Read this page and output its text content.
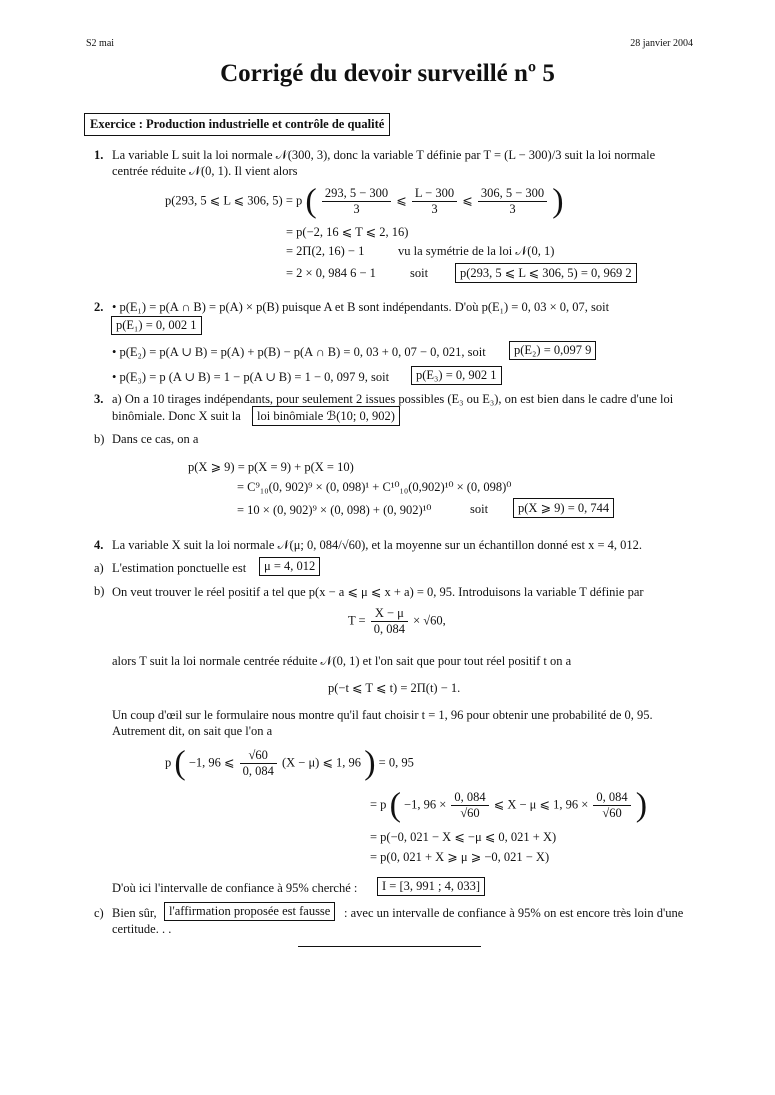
S2 mai	28 janvier 2004
Corrigé du devoir surveillé nº 5
Exercice : Production industrielle et contrôle de qualité
1. La variable L suit la loi normale 𝒩(300, 3), donc la variable T définie par T = (L − 300)/3 suit la loi normale
centrée réduite 𝒩(0, 1). Il vient alors
p(293, 5 ⩽ L ⩽ 306, 5) = p ( $\frac{293, 5 - 300}{3}$ ⩽ $\frac{L - 300}{3}$ ⩽ $\frac{306, 5 - 300}{3}$ )
= p(−2, 16 ⩽ T ⩽ 2, 16)
= 2Π(2, 16) − 1	vu la symétrie de la loi 𝒩(0, 1)
= 2 × 0, 984 6 − 1	soit	p(293, 5 ⩽ L ⩽ 306, 5) = 0, 969 2
2. • p(E₁) = p(A ∩ B) = p(A) × p(B) puisque A et B sont indépendants. D'où p(E₁) = 0, 03 × 0, 07, soit
p(E₁) = 0, 002 1
• p(E₂) = p(A ∪ B) = p(A) + p(B) − p(A ∩ B) = 0, 03 + 0, 07 − 0, 021, soit	p(E₂) = 0,097 9
• p(E₃) = p (A ∪ B) = 1 − p(A ∪ B) = 1 − 0, 097 9, soit	p(E₃) = 0, 902 1
3. a) On a 10 tirages indépendants, pour seulement 2 issues possibles (E₃ ou E₃), on est bien dans le cadre d'une loi
binômiale. Donc X suit la	loi binômiale ℬ(10; 0, 902)
b) Dans ce cas, on a
p(X ⩾ 9) = p(X = 9) + p(X = 10)
= C⁹₁₀(0, 902)⁹ × (0, 098)¹ + C¹⁰₁₀(0,902)¹⁰ × (0, 098)⁰
= 10 × (0, 902)⁹ × (0, 098) + (0, 902)¹⁰	soit	p(X ⩾ 9) = 0, 744
4. La variable X suit la loi normale 𝒩(μ; 0, 084/√60), et la moyenne sur un échantillon donné est x = 4, 012.
a) L'estimation ponctuelle est	μ = 4, 012
b) On veut trouver le réel positif a tel que p(x − a ⩽ μ ⩽ x + a) = 0, 95. Introduisons la variable T définie par
$T = \frac{X - \mu}{0, 084} \times √60$,
alors T suit la loi normale centrée réduite 𝒩(0, 1) et l'on sait que pour tout réel positif t on a
p(−t ⩽ T ⩽ t) = 2Π(t) − 1.
Un coup d'œil sur le formulaire nous montre qu'il faut choisir t = 1, 96 pour obtenir une probabilité de 0, 95.
Autrement dit, on sait que l'on a
p ( −1, 96 ⩽ $\frac{√60}{0, 084} (X - \mu)$ ⩽ 1, 96 ) = 0, 95
= p ( −1, $96 \times \frac{0, 084}{√60}$ ⩽ X − μ ⩽ 1, $96 \times \frac{0, 084}{√60}$ )
= p(−0, 021 − X ⩽ −μ ⩽ 0, 021 + X)
= p(0, 021 + X ⩾ μ ⩾ −0, 021 − X)
D'où ici l'intervalle de confiance à 95% cherché :	I = [3, 991 ; 4, 033]
c) Bien sûr, l'affirmation proposée est fausse	: avec un intervalle de confiance à 95% on est encore très loin d'une
certitude. . .
